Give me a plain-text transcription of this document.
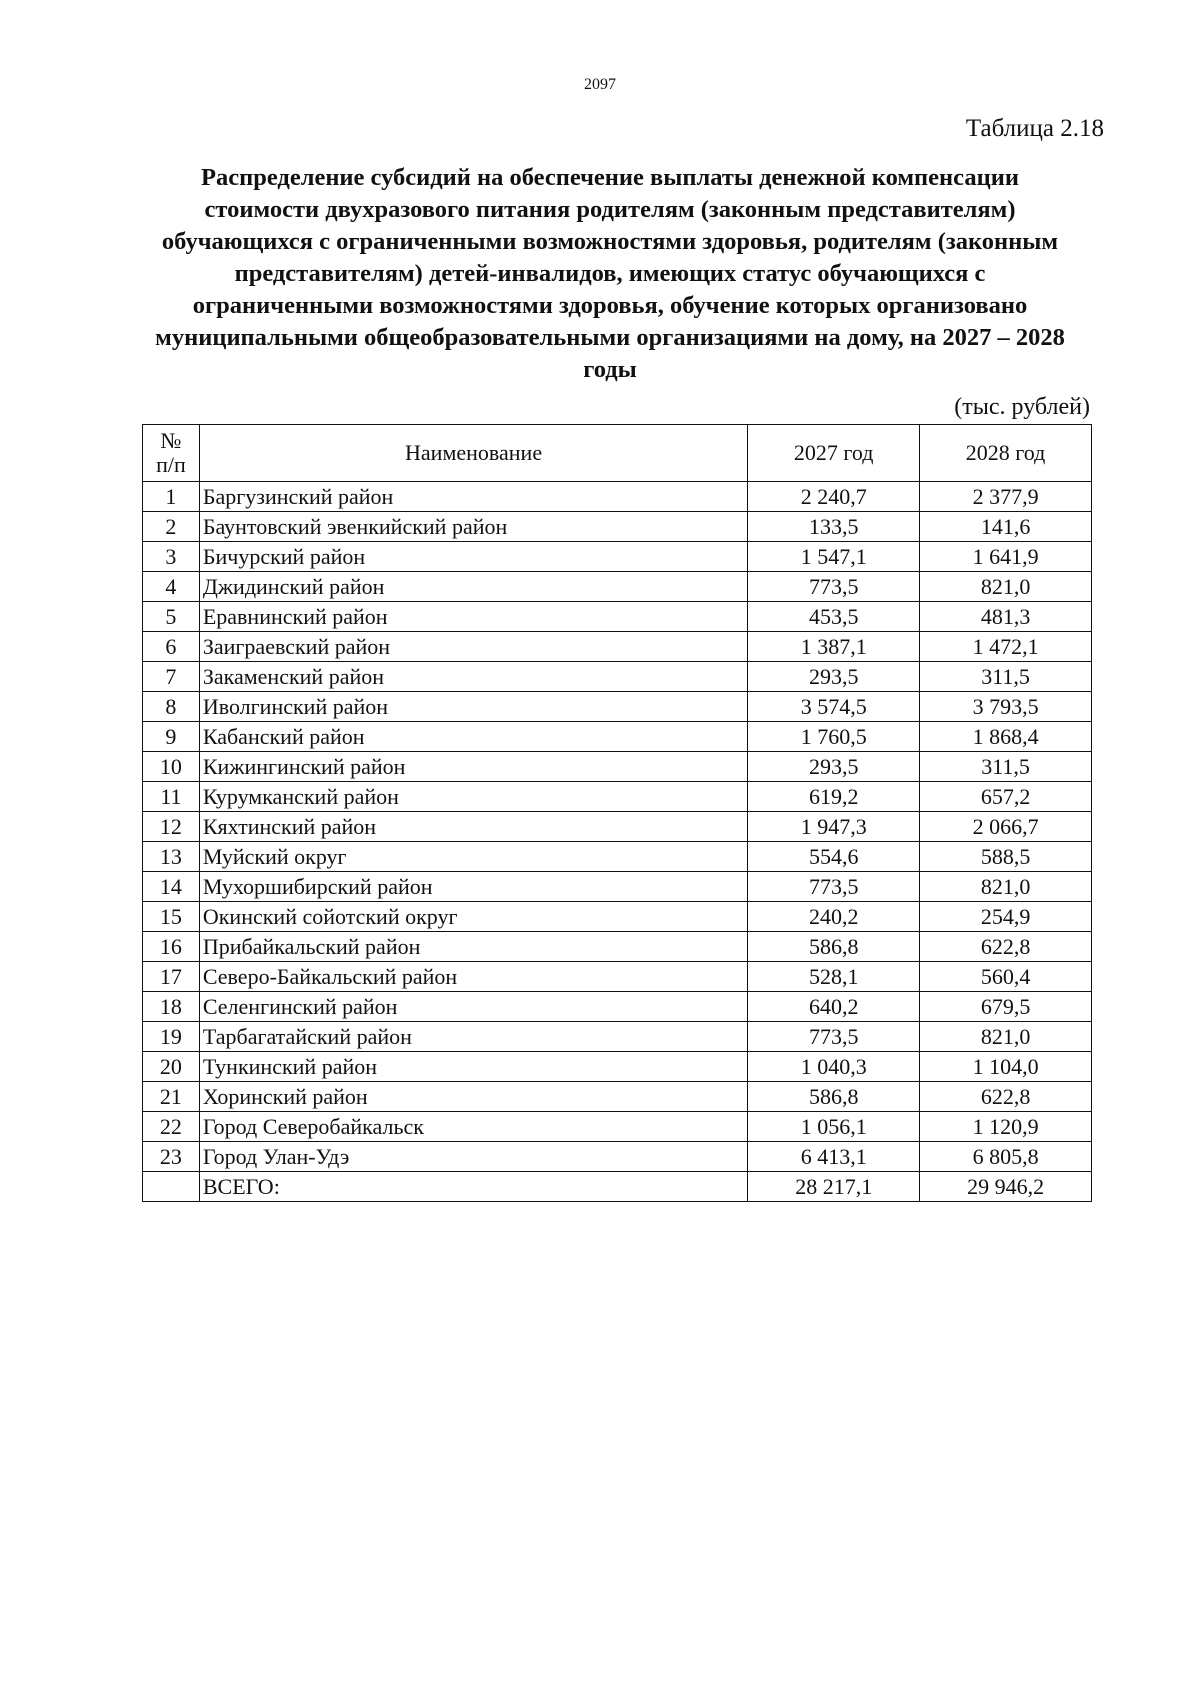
2097
Таблица 2.18
Распределение субсидий на обеспечение выплаты денежной компенсации стоимости двухразового питания родителям (законным представителям) обучающихся с ограниченными возможностями здоровья, родителям (законным представителям) детей-инвалидов, имеющих статус обучающихся с ограниченными возможностями здоровья, обучение которых организовано муниципальными общеобразовательными организациями на дому, на 2027 – 2028 годы
(тыс. рублей)
№ п/п	Наименование	2027 год	2028 год
1	Баргузинский район	2 240,7	2 377,9
2	Баунтовский эвенкийский район	133,5	141,6
3	Бичурский район	1 547,1	1 641,9
4	Джидинский район	773,5	821,0
5	Еравнинский район	453,5	481,3
6	Заиграевский район	1 387,1	1 472,1
7	Закаменский район	293,5	311,5
8	Иволгинский район	3 574,5	3 793,5
9	Кабанский район	1 760,5	1 868,4
10	Кижингинский район	293,5	311,5
11	Курумканский район	619,2	657,2
12	Кяхтинский район	1 947,3	2 066,7
13	Муйский округ	554,6	588,5
14	Мухоршибирский район	773,5	821,0
15	Окинский сойотский округ	240,2	254,9
16	Прибайкальский район	586,8	622,8
17	Северо-Байкальский район	528,1	560,4
18	Селенгинский район	640,2	679,5
19	Тарбагатайский район	773,5	821,0
20	Тункинский район	1 040,3	1 104,0
21	Хоринский район	586,8	622,8
22	Город Северобайкальск	1 056,1	1 120,9
23	Город Улан-Удэ	6 413,1	6 805,8
	ВСЕГО:	28 217,1	29 946,2
